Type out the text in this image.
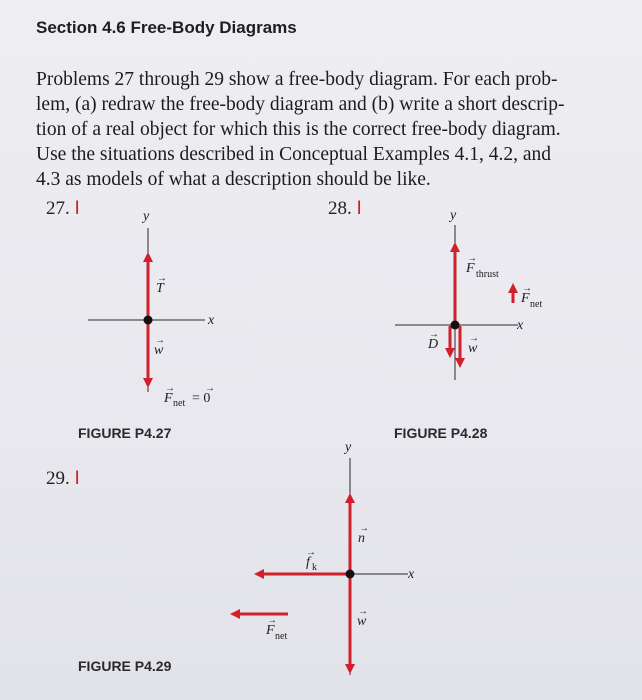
Section 4.6 Free-Body Diagrams
Problems 27 through 29 show a free-body diagram. For each prob-
lem, (a) redraw the free-body diagram and (b) write a short descrip-
tion of a real object for which this is the correct free-body diagram.
Use the situations described in Conceptual Examples 4.1, 4.2, and
4.3 as models of what a description should be like.
27. I	28. I
29. I
FIGURE P4.27	FIGURE P4.28
FIGURE P4.29
y
x
T
→
w
→
F
→
net = 0
→
y
x
F
→
thrust
F
→
net
D
→
w
→
y
x
n
→
f
→
k
w
→
F
→
net
